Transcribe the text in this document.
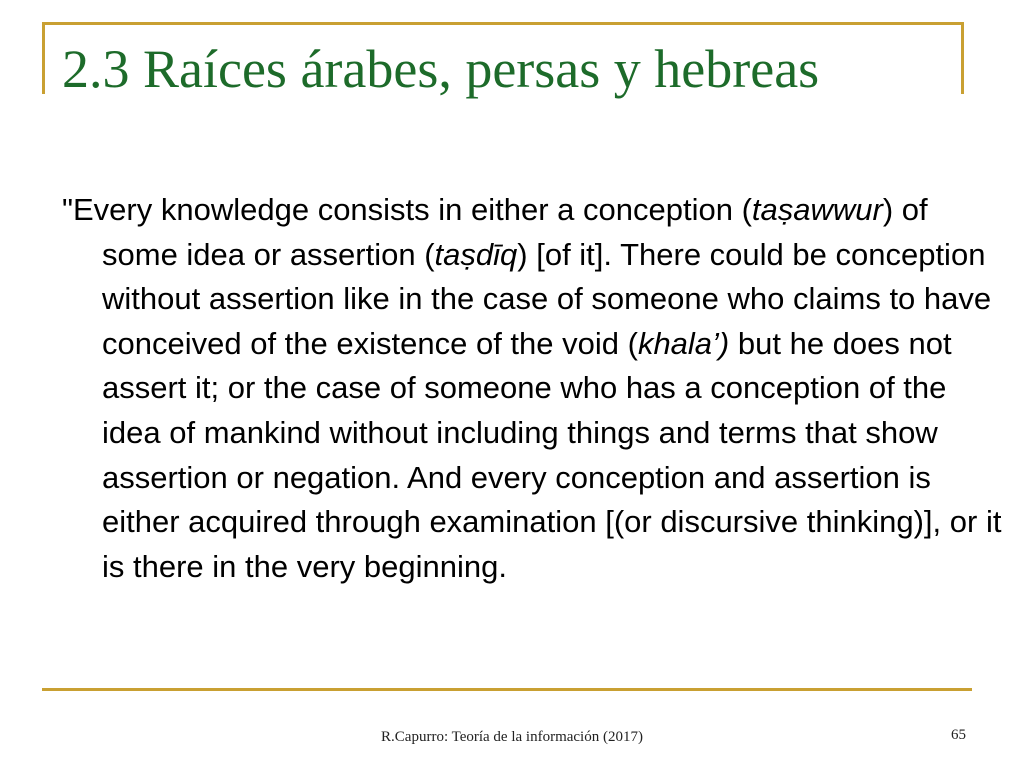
2.3 Raíces árabes, persas y hebreas

"Every knowledge consists in either a conception (taṣawwur) of some idea or assertion (taṣdīq) [of it]. There could be conception without assertion like in the case of someone who claims to have conceived of the existence of the void (khala’) but he does not assert it; or the case of someone who has a conception of the idea of mankind without including things and terms that show assertion or negation. And every conception and assertion is either acquired through examination [(or discursive thinking)], or it is there in the very beginning.

R.Capurro: Teoría de la información (2017)	65
